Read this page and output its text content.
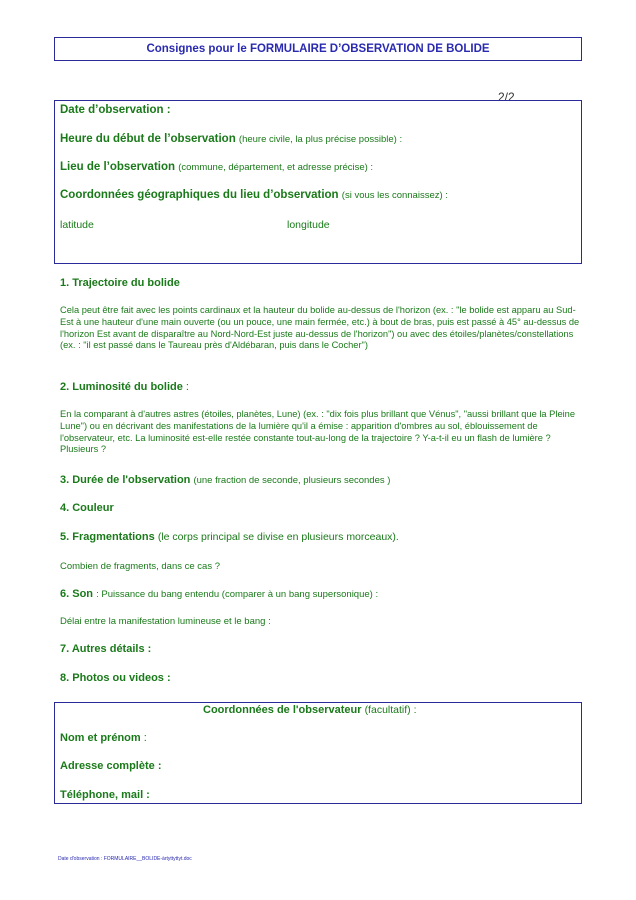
Consignes pour le FORMULAIRE D’OBSERVATION DE BOLIDE
2/2
Date d’observation :
Heure du début de l’observation (heure civile, la plus précise possible) :
Lieu de l’observation (commune, département, et adresse précise) :
Coordonnées géographiques du lieu d’observation (si vous les connaissez) :
latitude	longitude
1. Trajectoire du bolide
Cela peut être fait avec les points cardinaux et la hauteur du bolide au-dessus de l'horizon (ex. : "le bolide est apparu au Sud-Est à une hauteur d'une main ouverte (ou un pouce, une main fermée, etc.) à bout de bras, puis est passé à 45° au-dessus de l'horizon Est avant de disparaître au Nord-Nord-Est juste au-dessus de l'horizon") ou avec des étoiles/planètes/constellations (ex. : "il est passé dans le Taureau près d'Aldébaran, puis dans le Cocher")
2. Luminosité du bolide :
En la comparant à d'autres astres (étoiles, planètes, Lune) (ex. : "dix fois plus brillant que Vénus", "aussi brillant que la Pleine Lune") ou en décrivant des manifestations de la lumière qu'il a émise : apparition d'ombres au sol, éblouissement de l'observateur, etc. La luminosité est-elle restée constante tout-au-long de la trajectoire ? Y-a-t-il eu un flash de lumière ? Plusieurs ?
3. Durée de l'observation (une fraction de seconde, plusieurs secondes )
4. Couleur
5. Fragmentations (le corps principal se divise en plusieurs morceaux).
Combien de fragments, dans ce cas ?
6. Son : Puissance du bang entendu (comparer à un bang supersonique) :
Délai entre la manifestation lumineuse et le bang :
7. Autres détails :
8. Photos ou videos :
Coordonnées de l'observateur (facultatif) :
Nom et prénom :
Adresse complète :
Téléphone, mail :
Date d'observation : FORMULAIRE__BOLIDE-àrtyttyttyt.doc
